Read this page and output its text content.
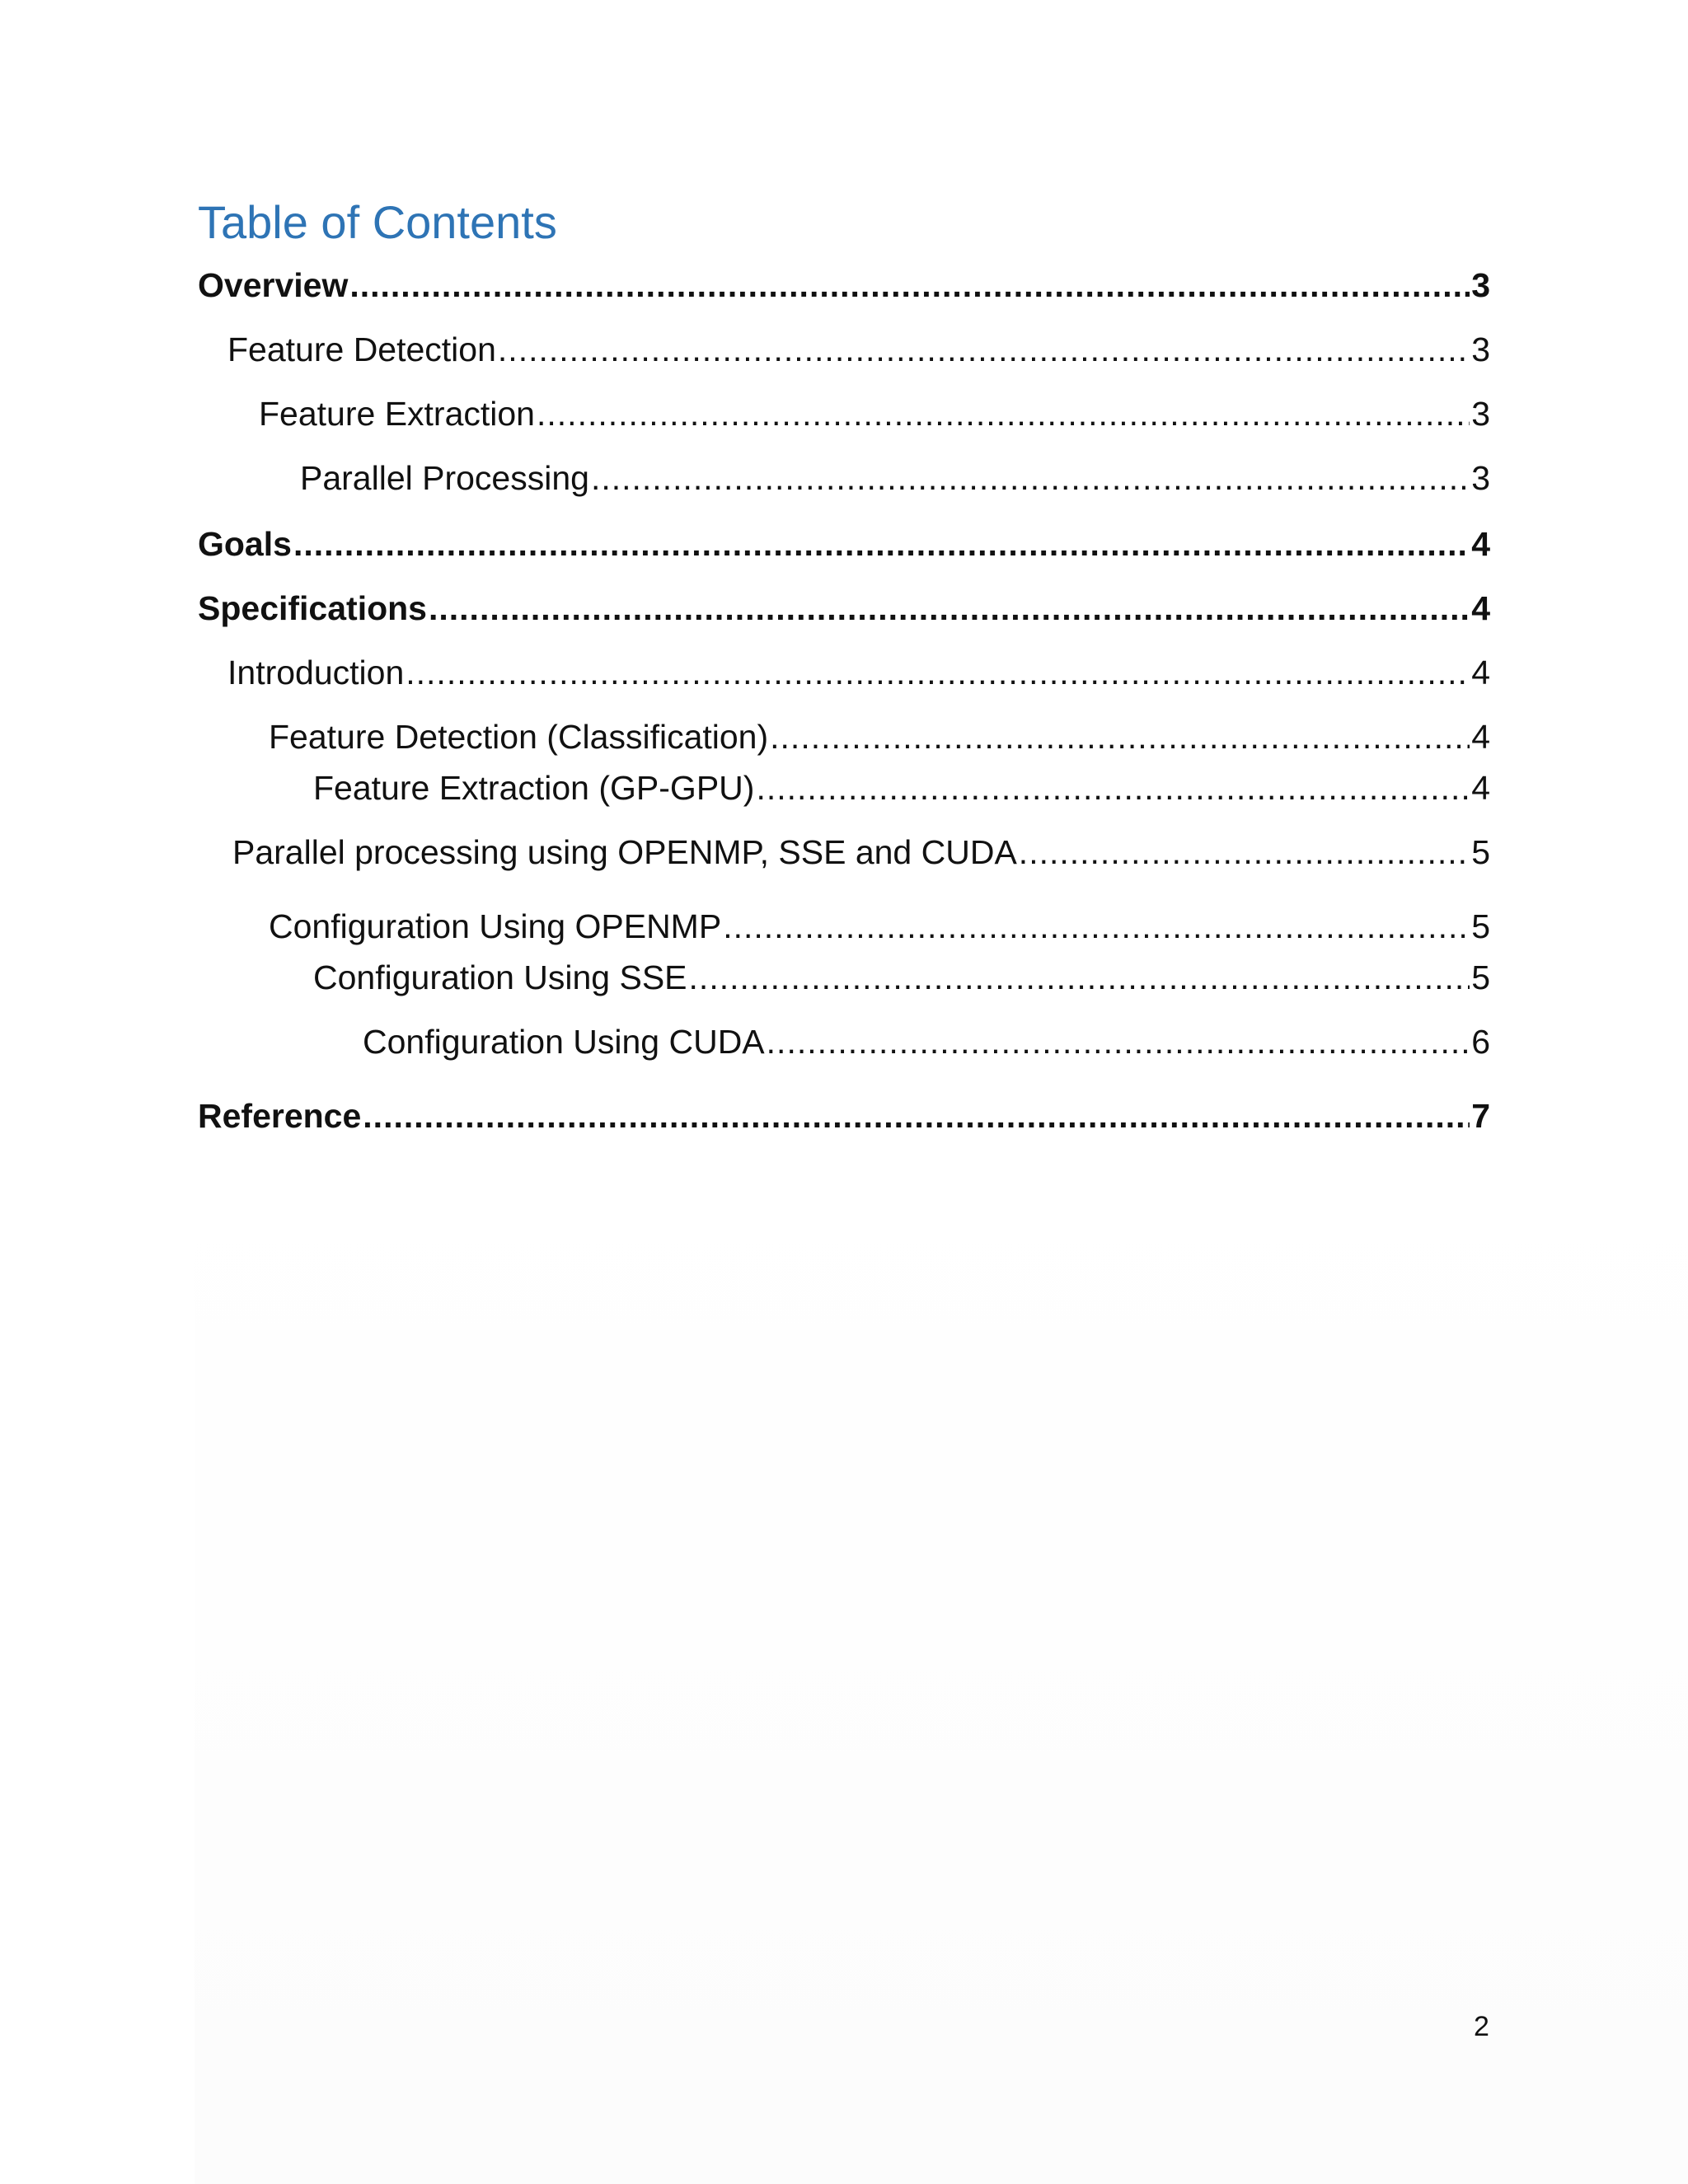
Table of Contents
Overview .....	3
Feature Detection .....	3
Feature Extraction .....	3
Parallel Processing .....	3
Goals .....	4
Specifications .....	4
Introduction .....	4
Feature Detection (Classification) .....	4
Feature Extraction (GP-GPU) .....	4
Parallel processing using OPENMP, SSE and CUDA .....	5
Configuration Using OPENMP .....	5
Configuration Using SSE .....	5
Configuration Using CUDA .....	6
Reference .....	7
2
